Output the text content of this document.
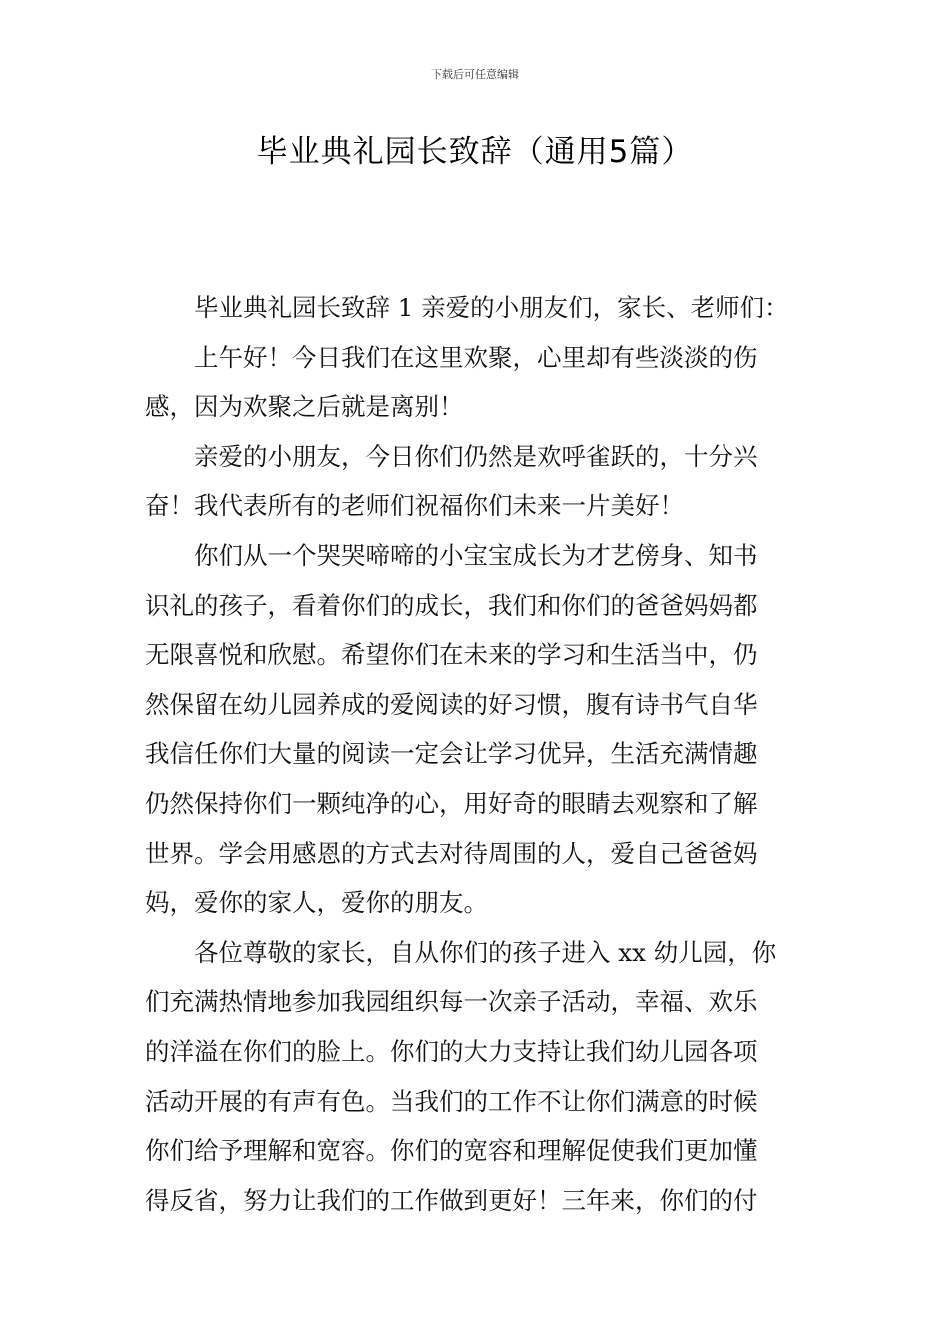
下载后可任意编辑
毕业典礼园长致辞（通用5篇）

毕业典礼园长致辞 1 亲爱的小朋友们，家长、老师们：

上午好！今日我们在这里欢聚，心里却有些淡淡的伤
感，因为欢聚之后就是离别！

亲爱的小朋友，今日你们仍然是欢呼雀跃的，十分兴
奋！我代表所有的老师们祝福你们未来一片美好！

你们从一个哭哭啼啼的小宝宝成长为才艺傍身、知书
识礼的孩子，看着你们的成长，我们和你们的爸爸妈妈都
无限喜悦和欣慰。希望你们在未来的学习和生活当中，仍
然保留在幼儿园养成的爱阅读的好习惯，腹有诗书气自华
我信任你们大量的阅读一定会让学习优异，生活充满情趣
仍然保持你们一颗纯净的心，用好奇的眼睛去观察和了解
世界。学会用感恩的方式去对待周围的人，爱自己爸爸妈
妈，爱你的家人，爱你的朋友。

各位尊敬的家长，自从你们的孩子进入 xx 幼儿园，你
们充满热情地参加我园组织每一次亲子活动，幸福、欢乐
的洋溢在你们的脸上。你们的大力支持让我们幼儿园各项
活动开展的有声有色。当我们的工作不让你们满意的时候
你们给予理解和宽容。你们的宽容和理解促使我们更加懂
得反省，努力让我们的工作做到更好！三年来，你们的付
